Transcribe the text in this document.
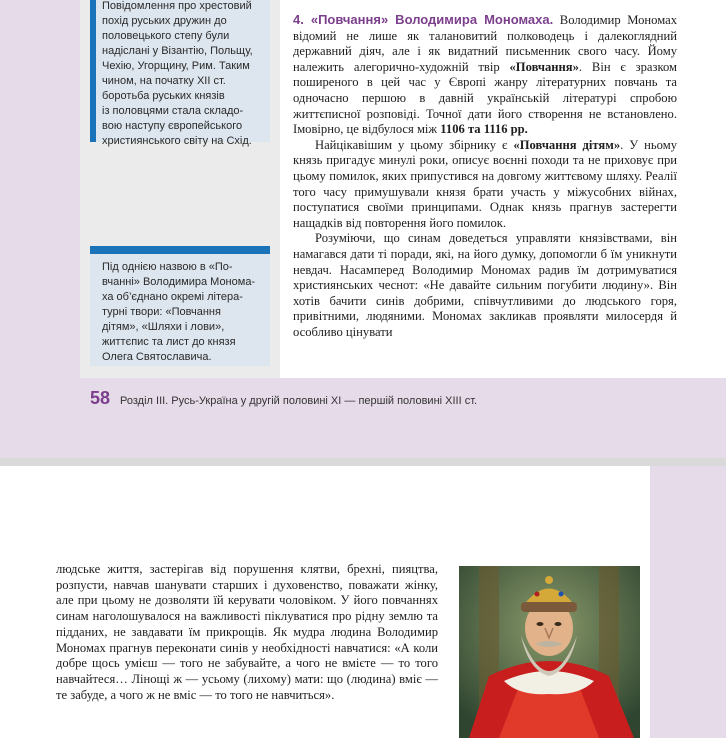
Повідомлення про хрестовий

похід руських дружин до

половецького степу були

надіслані у Візантію, Польщу,

Чехію, Угорщину, Рим. Таким

чином, на початку XII ст.

боротьба руських князів

із половцями стала складо-

вою наступу європейського

християнського світу на Схід.

Під однією назвою в «По-

вчанні» Володимира Монома-

ха об’єднано окремі літера-

турні твори: «Повчання

дітям», «Шляхи і лови»,

життєпис та лист до князя

Олега Святославича.

4. «Повчання» Володимира Мономаха. Володимир Мономах відомий не лише як талановитий полководець і далекоглядний державний діяч, але і як видатний письменник свого часу. Йому належить алегорично-художній твір «Повчання». Він є зразком поширеного в цей час у Європі жанру літературних повчань та одночасно першою в давній українській літературі спробою життєписної розповіді. Точної дати його створення не встановлено. Імовірно, це відбулося між 1106 та 1116 рр.

Найцікавішим у цьому збірнику є «Повчання дітям». У ньому князь пригадує минулі роки, описує воєнні походи та не приховує при цьому помилок, яких припустився на довгому життєвому шляху. Реалії того часу примушували князя брати участь у міжусобних війнах, поступатися своїми принципами. Однак князь прагнув застерегти нащадків від повторення його помилок.

Розуміючи, що синам доведеться управляти князівствами, він намагався дати ті поради, які, на його думку, допомогли б їм уникнути невдач. Насамперед Володимир Мономах радив їм дотримуватися християнських чеснот: «Не давайте сильним погубити людину». Він хотів бачити синів добрими, співчутливими до людського горя, привітними, людяними. Мономах закликав проявляти милосердя й особливо цінувати

58 Розділ III. Русь-Україна у другій половині XI — першій половині XIII ст.

людське життя, застерігав від порушення клятви, брехні, пияцтва, розпусти, навчав шанувати старших і духовенство, поважати жінку, але при цьому не дозволяти їй керувати чоловіком. У його повчаннях синам наголошувалося на важливості піклуватися про рідну землю та підданих, не завдавати їм прикрощів. Як мудра людина Володимир Мономах прагнув переконати синів у необхідності навчатися: «А коли добре щось умієш — того не забувайте, а чого не вмієте — то того навчайтеся… Лінощі ж — усьому (лихому) мати: що (людина) вміє — те забуде, а чого ж не вміс — то того не навчиться».
